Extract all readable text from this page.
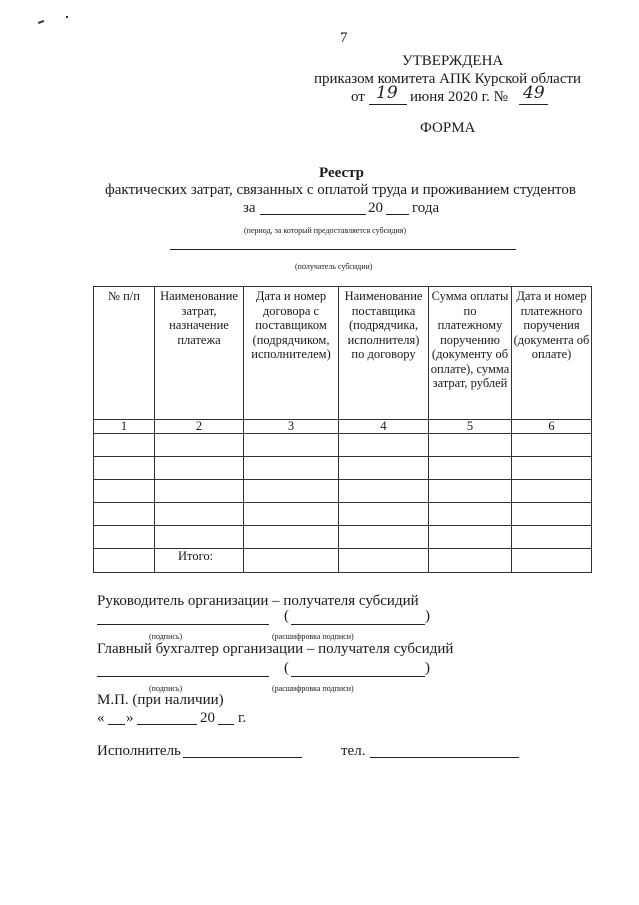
7
УТВЕРЖДЕНА
приказом комитета АПК Курской области
от 19 июня 2020 г. № 49
ФОРМА
Реестр
фактических затрат, связанных с оплатой труда и проживанием студентов
за	20 года
(период, за который предоставляется субсидия)
(получатель субсидии)
№ п/п	Наименование затрат, назначение платежа	Дата и номер договора с поставщиком (подрядчиком, исполнителем)	Наименование поставщика (подрядчика, исполнителя) по договору	Сумма оплаты по платежному поручению (документу об оплате), сумма затрат, рублей	Дата и номер платежного поручения (документа об оплате)
1	2	3	4	5	6

	Итого:				
Руководитель организации – получателя субсидий
(	)
(подпись)	(расшифровка подписи)
Главный бухгалтер организации – получателя субсидий
(	)
(подпись)	(расшифровка подписи)
М.П. (при наличии)
« »	20 г.
Исполнитель	тел.
